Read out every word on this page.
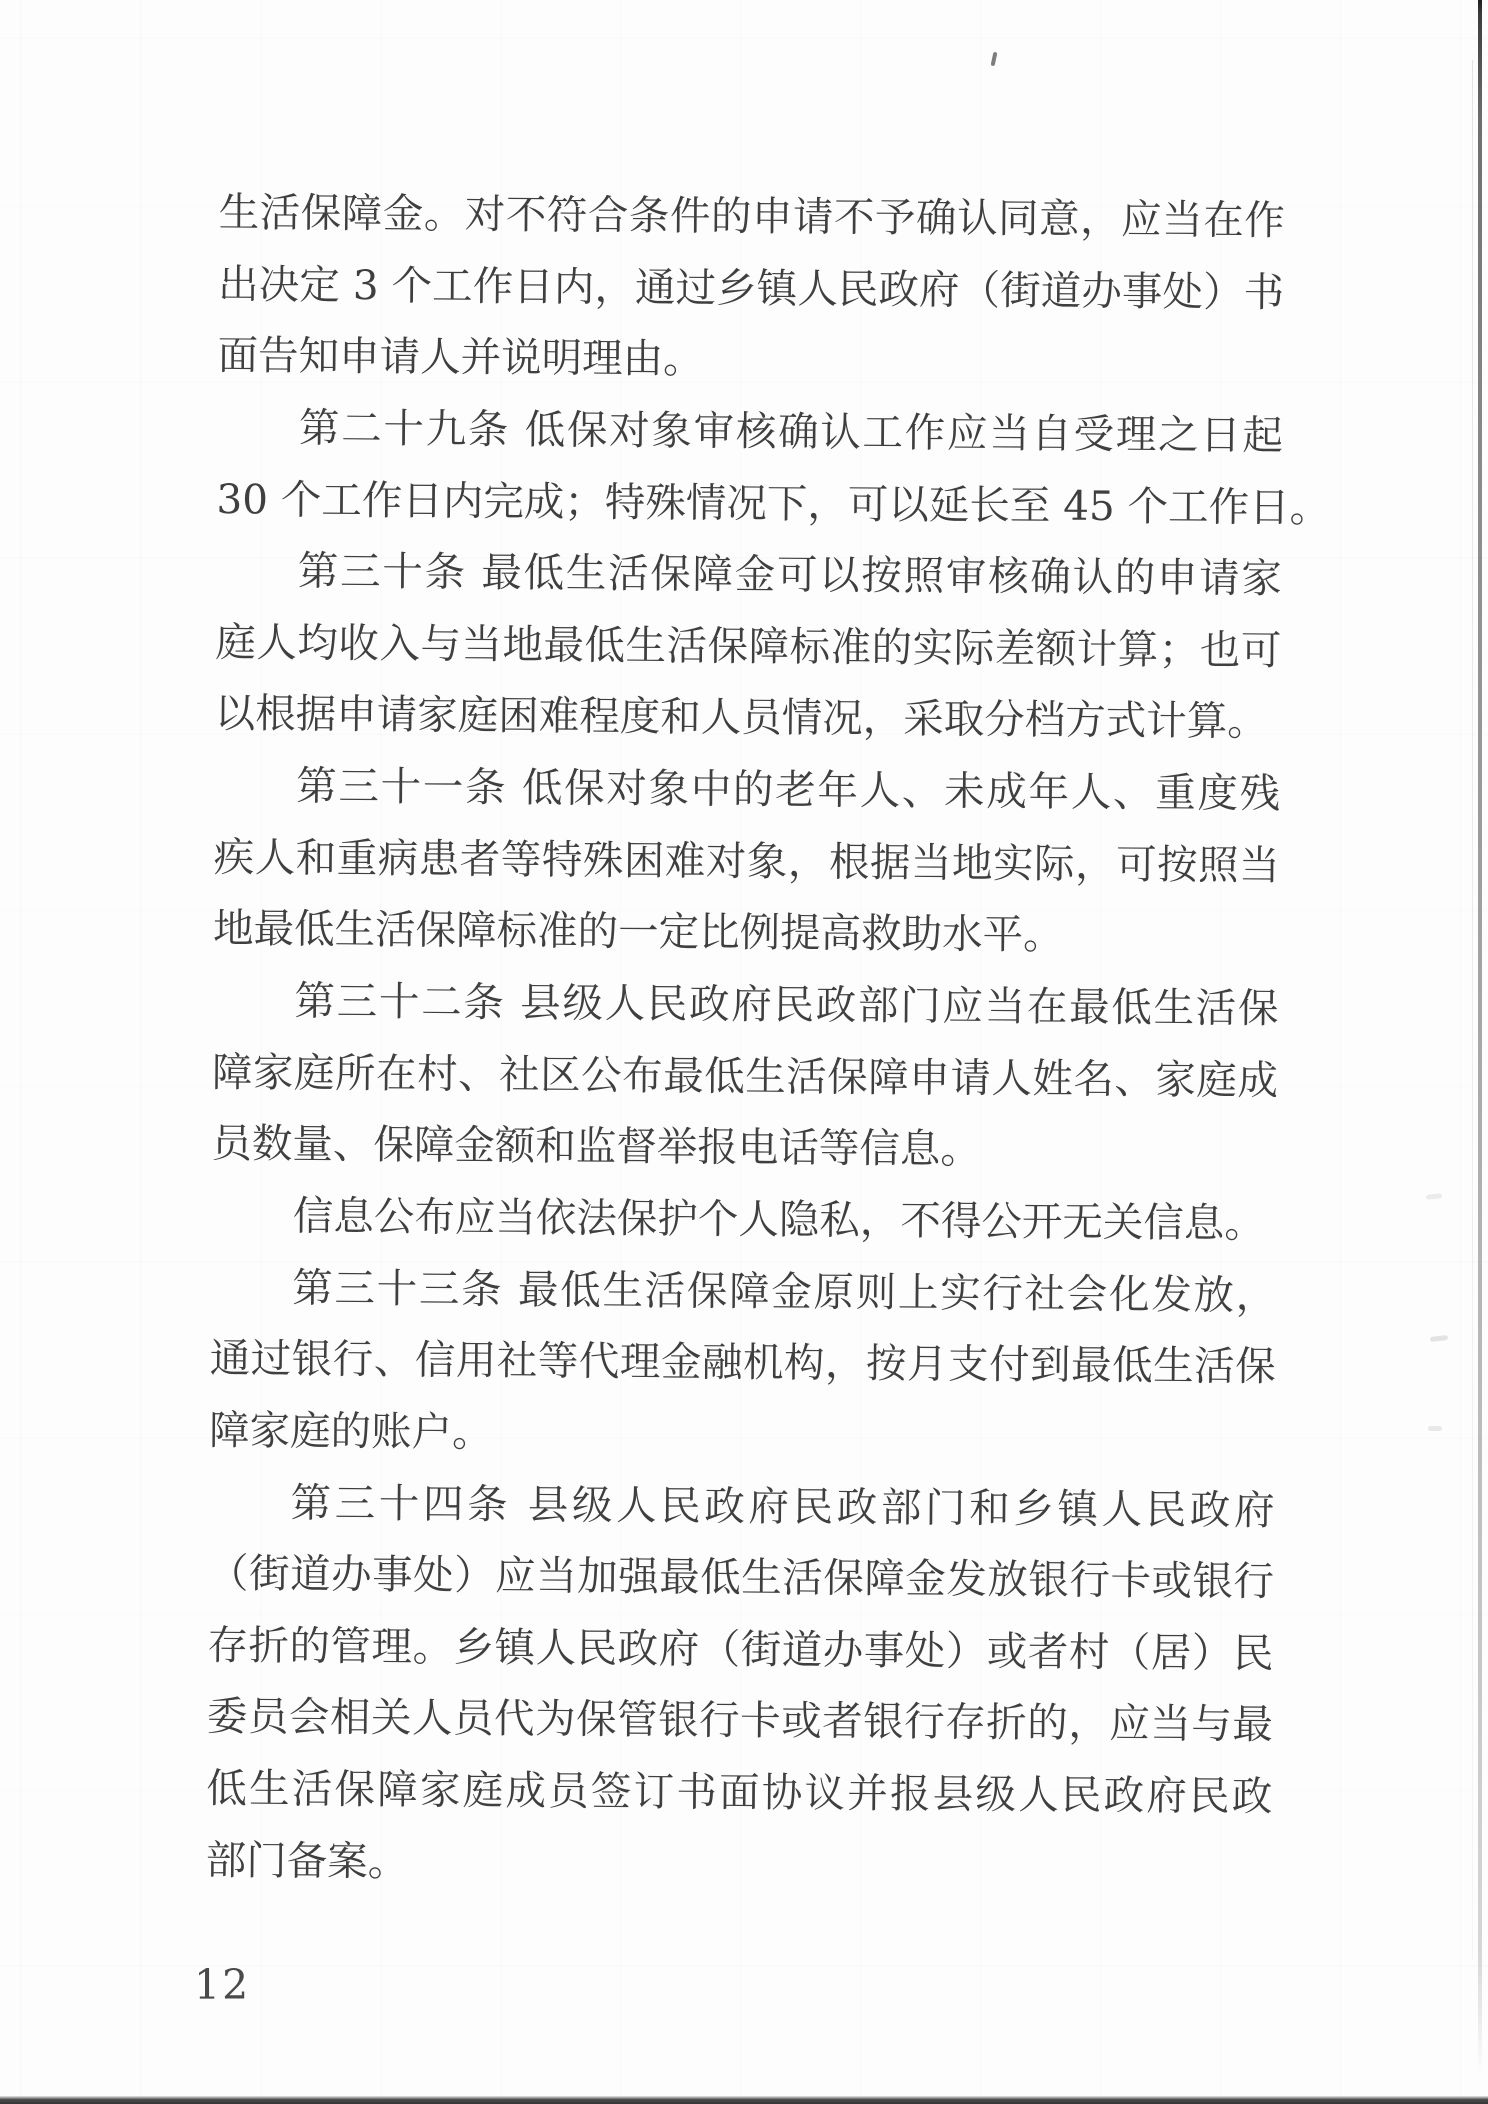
生活保障金。对不符合条件的申请不予确认同意，应当在作
出决定 3 个工作日内，通过乡镇人民政府（街道办事处）书
面告知申请人并说明理由。
第二十九条 低保对象审核确认工作应当自受理之日起
30 个工作日内完成；特殊情况下，可以延长至 45 个工作日。
第三十条 最低生活保障金可以按照审核确认的申请家
庭人均收入与当地最低生活保障标准的实际差额计算；也可
以根据申请家庭困难程度和人员情况，采取分档方式计算。
第三十一条 低保对象中的老年人、未成年人、重度残
疾人和重病患者等特殊困难对象，根据当地实际，可按照当
地最低生活保障标准的一定比例提高救助水平。
第三十二条 县级人民政府民政部门应当在最低生活保
障家庭所在村、社区公布最低生活保障申请人姓名、家庭成
员数量、保障金额和监督举报电话等信息。
信息公布应当依法保护个人隐私，不得公开无关信息。
第三十三条 最低生活保障金原则上实行社会化发放，
通过银行、信用社等代理金融机构，按月支付到最低生活保
障家庭的账户。
第三十四条 县级人民政府民政部门和乡镇人民政府
（街道办事处）应当加强最低生活保障金发放银行卡或银行
存折的管理。乡镇人民政府（街道办事处）或者村（居）民
委员会相关人员代为保管银行卡或者银行存折的，应当与最
低生活保障家庭成员签订书面协议并报县级人民政府民政
部门备案。
12
